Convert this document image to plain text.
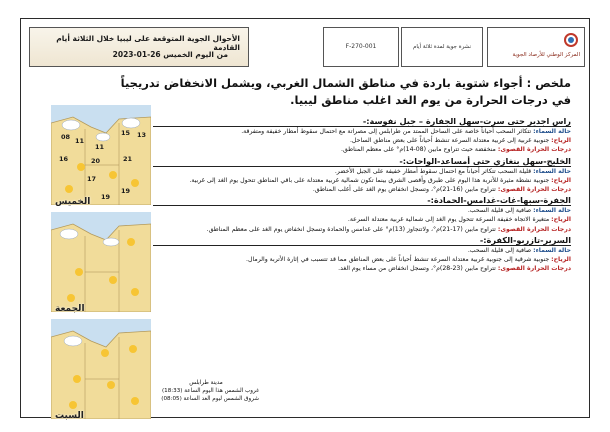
الأحوال الجوية المتوقعة على ليبيا خلال الثلاثة أيام القادمة
من اليوم الخميس 26-01-2023
F-270-001	نشرة جوية لمدة ثلاثة أيام
المركز الوطني للأرصاد الجوية
ملخص : أجواء شتوية باردة في مناطق الشمال الغربي، ويشمل الانخفاض تدريجياً في درجات الحرارة من يوم الغد اغلب مناطق ليبيا.
راس اجدير حتى سرت-سهل الجفارة – جبل نفوسة:-
حالة السماء: تتكاثر السحب أحياناً خاصة على الساحل الممتد من طرابلس إلى مصراتة مع احتمال سقوط أمطار خفيفة ومتفرقة.
الرياح: جنوبية غربية إلى غربية معتدلة السرعة تنشط أحياناً على بعض مناطق الساحل.
درجات الحرارة القصوى: منخفضة حيث تتراوح مابين (08-14)م° على معظم المناطق.
الخليج-سهل بنغازي حتى أمساعد-الواحات:-
حالة السماء: قليلة السحب تتكاثر أحياناً مع احتمال سقوط أمطار خفيفة على الجبل الأخضر.
الرياح: جنوبية نشطة مثيرة للأتربة هذا اليوم على طبرق وأقصى الشرق بينما تكون شمالية غربية معتدلة على باقي المناطق تتحول يوم الغد إلى غربية.
درجات الحرارة القصوى: تتراوح مابين (16-21)م°، وتسجل انخفاض يوم الغد على أغلب المناطق.
الجفرة-سبها-غات-غدامس-الحمادة:-
حالة السماء: صافية إلى قليلة السحب.
الرياح: متغيرة الاتجاه خفيفة السرعة تتحول يوم الغد إلى شمالية غربية معتدلة السرعة.
درجات الحرارة القصوى: تتراوح مابين (17-21)م°، ولاتتجاوز (13)م° على غدامس والحمادة وتسجل انخفاض يوم الغد على معظم المناطق.
السرير-تازربو-الكفرة:-
حالة السماء: صافية إلى قليلة السحب.
الرياح: جنوبية شرقية إلى جنوبية غربية معتدلة السرعة تنشط أحياناً على بعض المناطق مما قد تتسبب في إثارة الأتربة والرمال.
درجات الحرارة القصوى: تتراوح مابين (23-28)م°، وتسجل انخفاض من مساء يوم الغد.
08 11
11
15 13
16	20	21
17
19
19
الخميس
الجمعة
السبت
مدينة طرابلس
غروب الشمس هذا اليوم الساعة (18:33)
شروق الشمس ليوم الغد الساعة (08:05)
